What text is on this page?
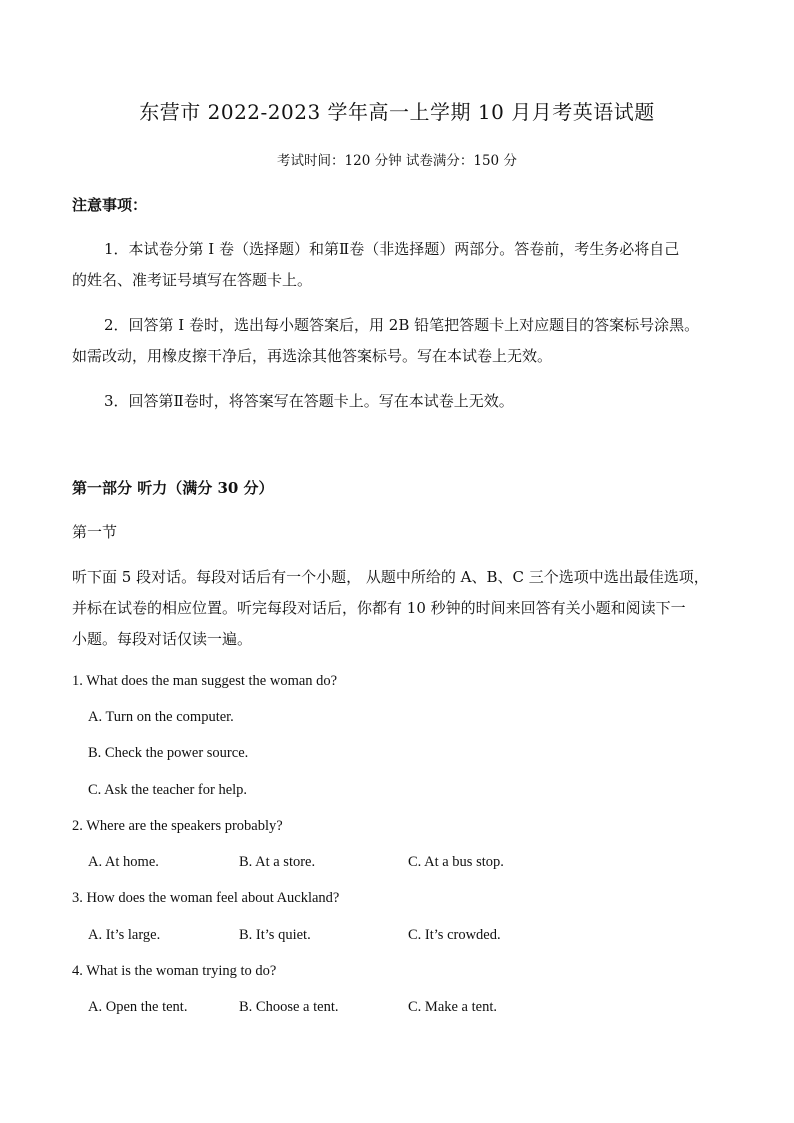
东营市 2022-2023 学年高一上学期 10 月月考英语试题
考试时间：120 分钟 试卷满分：150 分
注意事项：
1．本试卷分第 I 卷（选择题）和第Ⅱ卷（非选择题）两部分。答卷前，考生务必将自己
的姓名、准考证号填写在答题卡上。
2．回答第 I 卷时，选出每小题答案后，用 2B 铅笔把答题卡上对应题目的答案标号涂黑。
如需改动，用橡皮擦干净后，再选涂其他答案标号。写在本试卷上无效。
3．回答第Ⅱ卷时，将答案写在答题卡上。写在本试卷上无效。
第一部分 听力（满分 30 分）
第一节
听下面 5 段对话。每段对话后有一个小题， 从题中所给的 A、B、C 三个选项中选出最佳选项，
并标在试卷的相应位置。听完每段对话后，你都有 10 秒钟的时间来回答有关小题和阅读下一
小题。每段对话仅读一遍。
1. What does the man suggest the woman do?
A. Turn on the computer.
B. Check the power source.
C. Ask the teacher for help.
2. Where are the speakers probably?
A. At home.	B. At a store.	C. At a bus stop.
3. How does the woman feel about Auckland?
A. It’s large.	B. It’s quiet.	C. It’s crowded.
4. What is the woman trying to do?
A. Open the tent.	B. Choose a tent.	C. Make a tent.
